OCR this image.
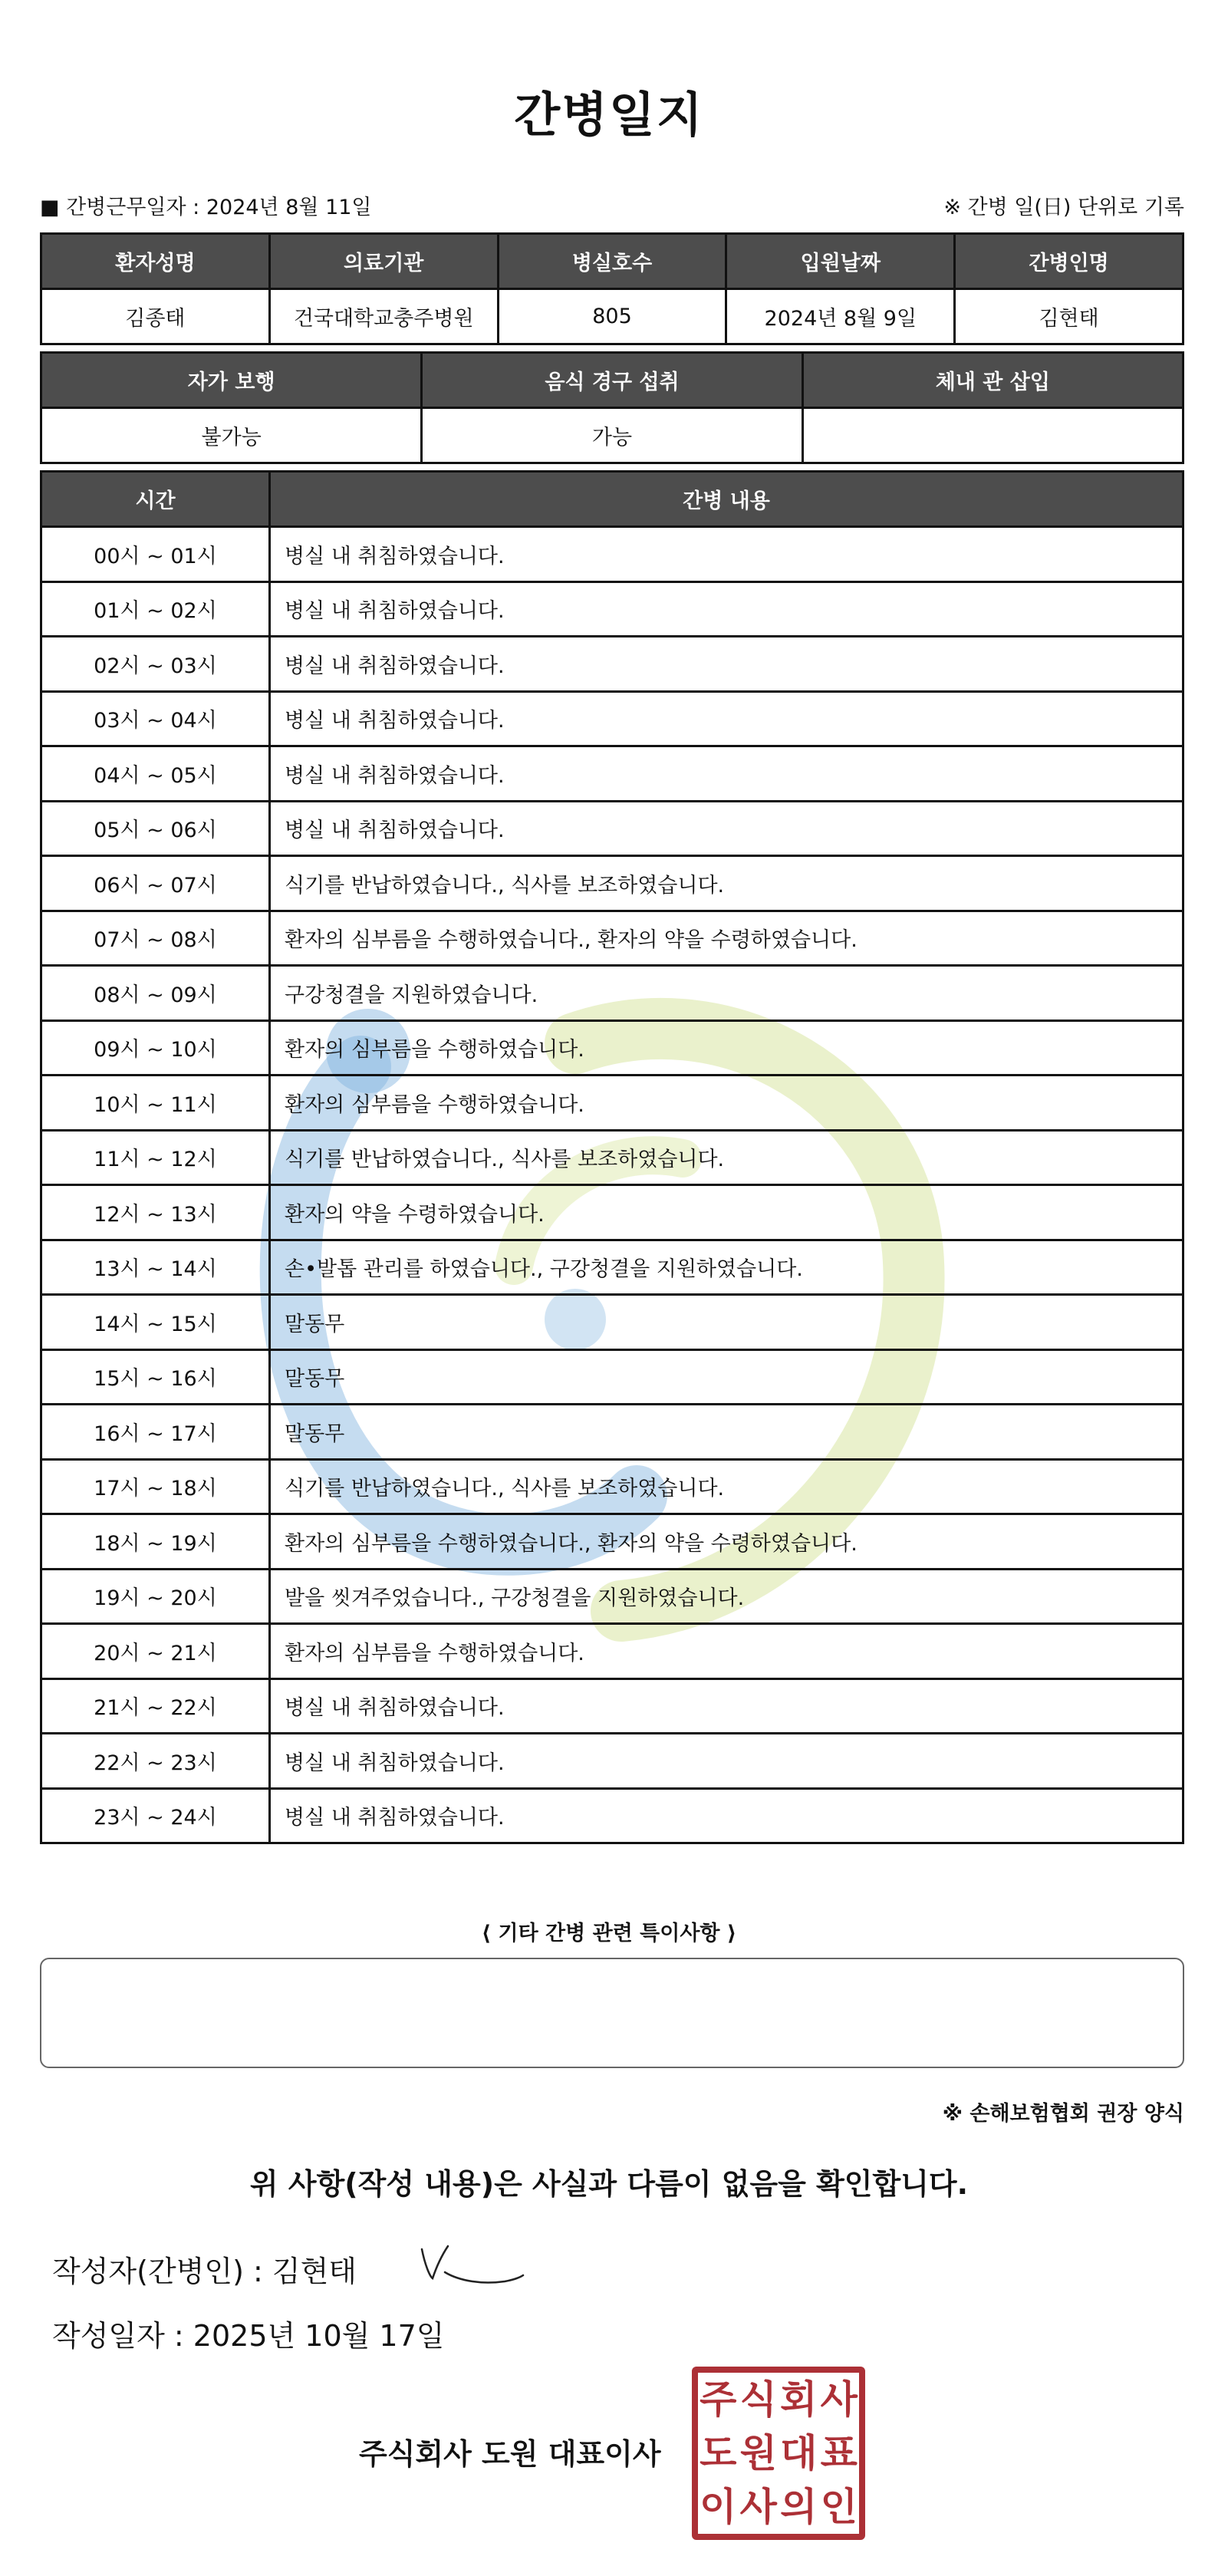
간병일지
■ 간병근무일자 : 2024년 8월 11일	※ 간병 일(日) 단위로 기록
환자성명	의료기관	병실호수	입원날짜	간병인명
김종태	건국대학교충주병원	805	2024년 8월 9일	김현태
자가 보행	음식 경구 섭취	체내 관 삽입
불가능	가능	
시간	간병 내용
00시 ~ 01시	병실 내 취침하였습니다.
01시 ~ 02시	병실 내 취침하였습니다.
02시 ~ 03시	병실 내 취침하였습니다.
03시 ~ 04시	병실 내 취침하였습니다.
04시 ~ 05시	병실 내 취침하였습니다.
05시 ~ 06시	병실 내 취침하였습니다.
06시 ~ 07시	식기를 반납하였습니다., 식사를 보조하였습니다.
07시 ~ 08시	환자의 심부름을 수행하였습니다., 환자의 약을 수령하였습니다.
08시 ~ 09시	구강청결을 지원하였습니다.
09시 ~ 10시	환자의 심부름을 수행하였습니다.
10시 ~ 11시	환자의 심부름을 수행하였습니다.
11시 ~ 12시	식기를 반납하였습니다., 식사를 보조하였습니다.
12시 ~ 13시	환자의 약을 수령하였습니다.
13시 ~ 14시	손•발톱 관리를 하였습니다., 구강청결을 지원하였습니다.
14시 ~ 15시	말동무
15시 ~ 16시	말동무
16시 ~ 17시	말동무
17시 ~ 18시	식기를 반납하였습니다., 식사를 보조하였습니다.
18시 ~ 19시	환자의 심부름을 수행하였습니다., 환자의 약을 수령하였습니다.
19시 ~ 20시	발을 씻겨주었습니다., 구강청결을 지원하였습니다.
20시 ~ 21시	환자의 심부름을 수행하였습니다.
21시 ~ 22시	병실 내 취침하였습니다.
22시 ~ 23시	병실 내 취침하였습니다.
23시 ~ 24시	병실 내 취침하였습니다.
⟨ 기타 간병 관련 특이사항 ⟩
※ 손해보험협회 권장 양식
위 사항(작성 내용)은 사실과 다름이 없음을 확인합니다.
작성자(간병인) : 김현태
작성일자 : 2025년 10월 17일
주식회사 도원 대표이사
주 식 회 사
도 원 대 표
이 사 의 인
